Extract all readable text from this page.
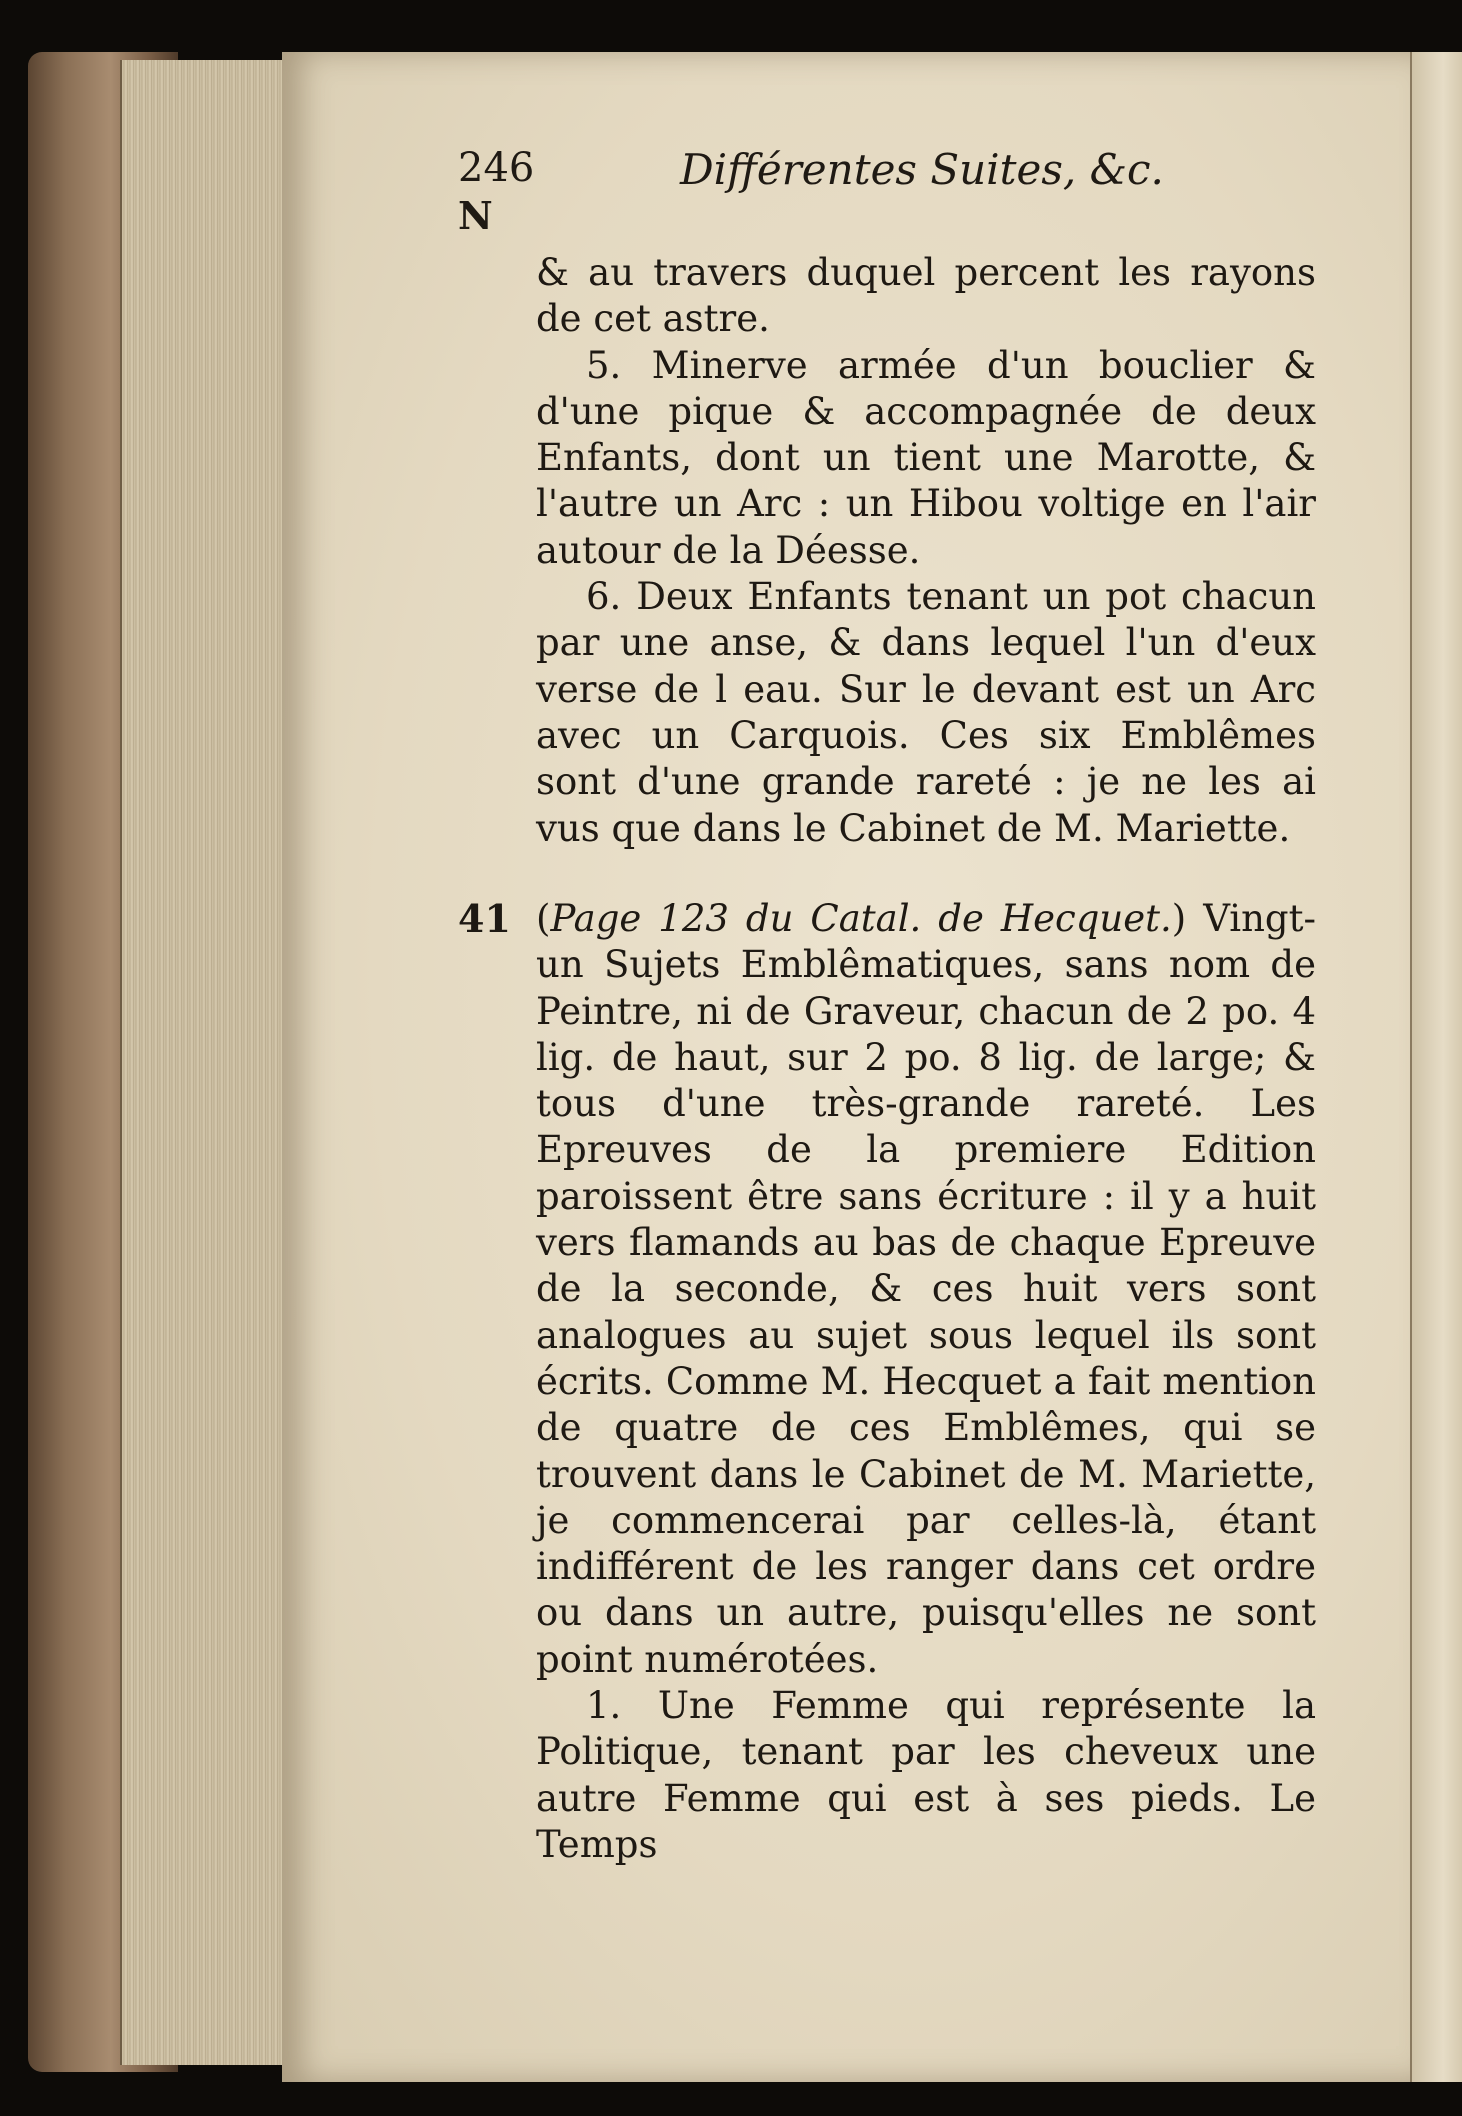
246	Différentes Suites, &c.
N

& au travers duquel percent les rayons de cet astre.

5. Minerve armée d'un bouclier & d'une pique & accompagnée de deux Enfants, dont un tient une Marotte, & l'autre un Arc : un Hibou voltige en l'air autour de la Déesse.

6. Deux Enfants tenant un pot chacun par une anse, & dans lequel l'un d'eux verse de l eau. Sur le devant est un Arc avec un Carquois. Ces six Emblêmes sont d'une grande rareté : je ne les ai vus que dans le Cabinet de M. Mariette.

41 (Page 123 du Catal. de Hecquet.) Vingt-un Sujets Emblêmatiques, sans nom de Peintre, ni de Graveur, chacun de 2 po. 4 lig. de haut, sur 2 po. 8 lig. de large; & tous d'une très-grande rareté. Les Epreuves de la premiere Edition paroissent être sans écriture : il y a huit vers flamands au bas de chaque Epreuve de la seconde, & ces huit vers sont analogues au sujet sous lequel ils sont écrits. Comme M. Hecquet a fait mention de quatre de ces Emblêmes, qui se trouvent dans le Cabinet de M. Mariette, je commencerai par celles-là, étant indifférent de les ranger dans cet ordre ou dans un autre, puisqu'elles ne sont point numérotées.

1. Une Femme qui représente la Politique, tenant par les cheveux une autre Femme qui est à ses pieds. Le Temps
